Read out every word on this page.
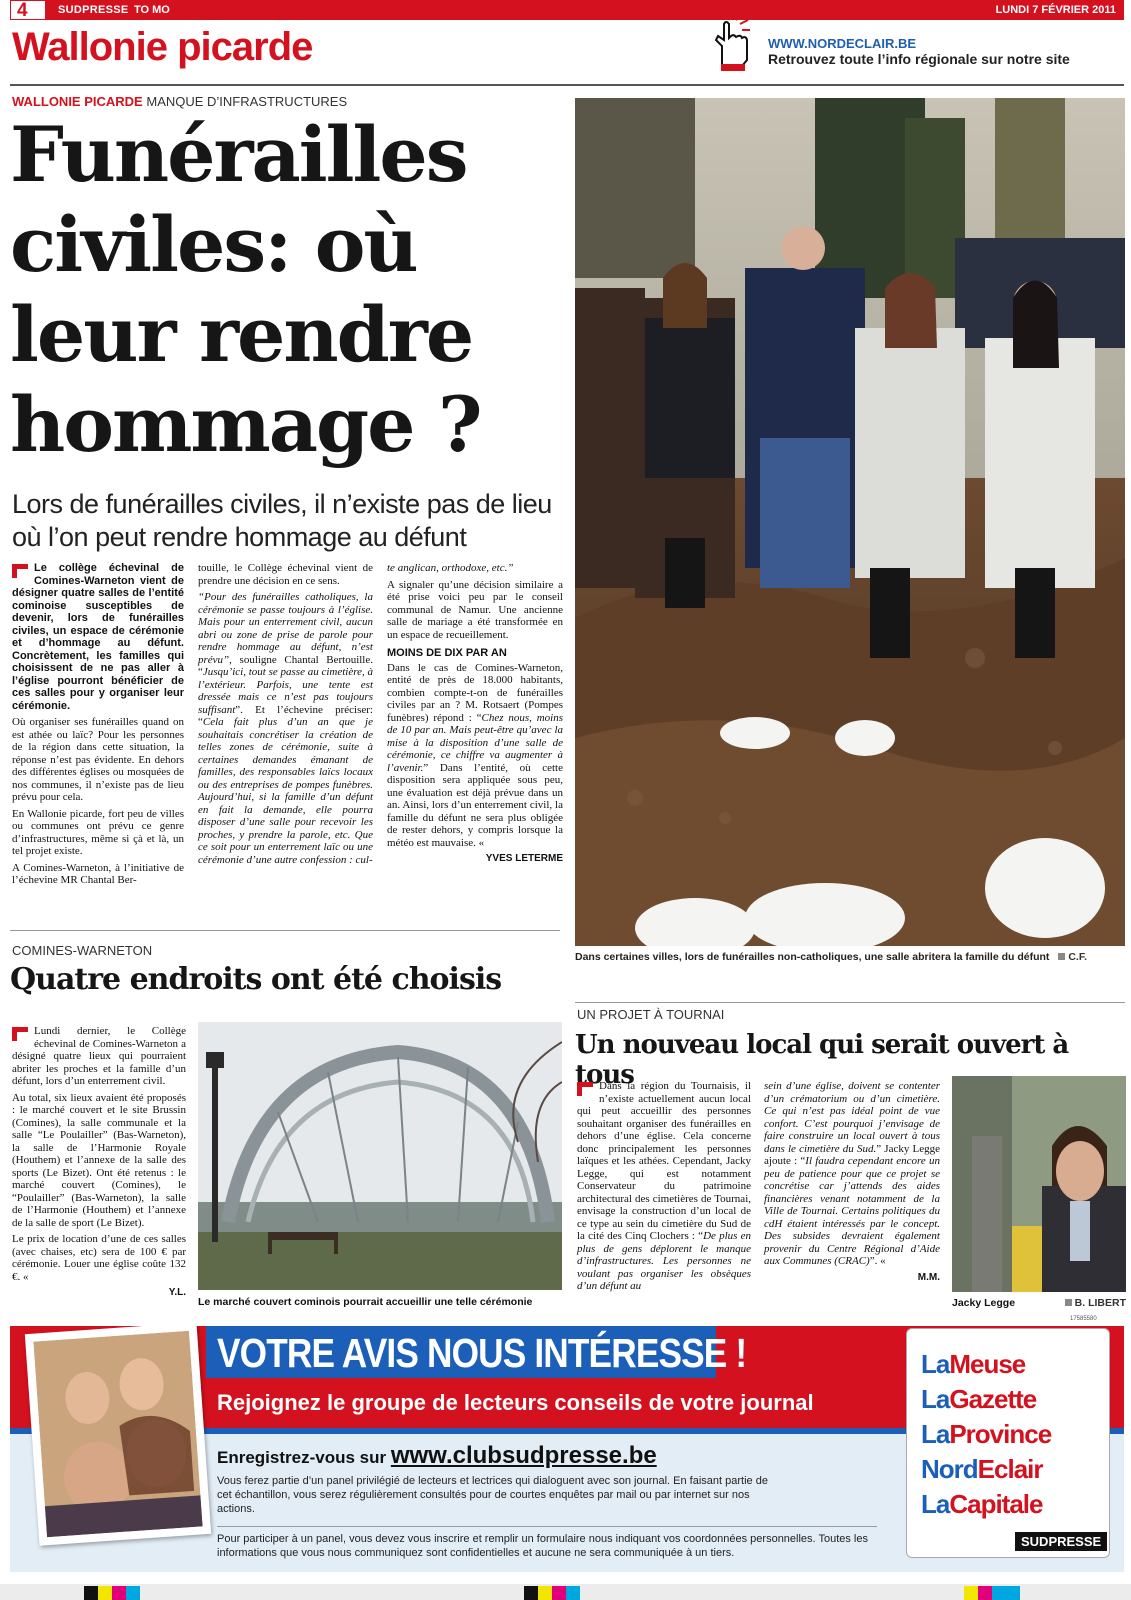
4	SUDPRESSE TO MO	LUNDI 7 FÉVRIER 2011
Wallonie picarde	WWW.NORDECLAIR.BE
Retrouvez toute l’info régionale sur notre site
WALLONIE PICARDE MANQUE D’INFRASTRUCTURES
Funérailles civiles: où leur rendre hommage ?
Lors de funérailles civiles, il n’existe pas de lieu où l’on peut rendre hommage au défunt

Le collège échevinal de Comines-Warneton vient de désigner quatre salles de l’entité cominoise susceptibles de devenir, lors de funérailles civiles, un espace de cérémonie et d’hommage au défunt. Concrètement, les familles qui choisissent de ne pas aller à l’église pourront bénéficier de ces salles pour y organiser leur cérémonie.

Où organiser ses funérailles quand on est athée ou laïc? Pour les personnes de la région dans cette situation, la réponse n’est pas évidente. En dehors des différentes églises ou mosquées de nos communes, il n’existe pas de lieu prévu pour cela.

En Wallonie picarde, fort peu de villes ou communes ont prévu ce genre d’infrastructures, même si çà et là, un tel projet existe.

A Comines-Warneton, à l’initiative de l’échevine MR Chantal Ber-

touille, le Collège échevinal vient de prendre une décision en ce sens.

“Pour des funérailles catholiques, la cérémonie se passe toujours à l’église. Mais pour un enterrement civil, aucun abri ou zone de prise de parole pour rendre hommage au défunt, n’est prévu”, souligne Chantal Bertouille. “Jusqu’ici, tout se passe au cimetière, à l’extérieur. Parfois, une tente est dressée mais ce n’est pas toujours suffisant”. Et l’échevine préciser: “Cela fait plus d’un an que je souhaitais concrétiser la création de telles zones de cérémonie, suite à certaines demandes émanant de familles, des responsables laïcs locaux ou des entreprises de pompes funèbres. Aujourd’hui, si la famille d’un défunt en fait la demande, elle pourra disposer d’une salle pour recevoir les proches, y prendre la parole, etc. Que ce soit pour un enterrement laïc ou une cérémonie d’une autre confession : cul-

te anglican, orthodoxe, etc.”

A signaler qu’une décision similaire a été prise voici peu par le conseil communal de Namur. Une ancienne salle de mariage a été transformée en un espace de recueillement.

MOINS DE DIX PAR AN

Dans le cas de Comines-Warneton, entité de près de 18.000 habitants, combien compte-t-on de funérailles civiles par an ? M. Rotsaert (Pompes funèbres) répond : “Chez nous, moins de 10 par an. Mais peut-être qu’avec la mise à la disposition d’une salle de cérémonie, ce chiffre va augmenter à l’avenir.” Dans l’entité, où cette disposition sera appliquée sous peu, une évaluation est déjà prévue dans un an. Ainsi, lors d’un enterrement civil, la famille du défunt ne sera plus obligée de rester dehors, y compris lorsque la météo est mauvaise. «

YVES LETERME
Dans certaines villes, lors de funérailles non-catholiques, une salle abritera la famille du défunt C.F.
COMINES-WARNETON
Quatre endroits ont été choisis

Lundi dernier, le Collège échevinal de Comines-Warneton a désigné quatre lieux qui pourraient abriter les proches et la famille d’un défunt, lors d’un enterrement civil.

Au total, six lieux avaient été proposés : le marché couvert et le site Brussin (Comines), la salle communale et la salle “Le Poulailler” (Bas-Warneton), la salle de l’Harmonie Royale (Houthem) et l’annexe de la salle des sports (Le Bizet). Ont été retenus : le marché couvert (Comines), le “Poulailler” (Bas-Warneton), la salle de l’Harmonie (Houthem) et l’annexe de la salle de sport (Le Bizet).

Le prix de location d’une de ces salles (avec chaises, etc) sera de 100 € par cérémonie. Louer une église coûte 132 €. «

Y.L.
Le marché couvert cominois pourrait accueillir une telle cérémonie
UN PROJET À TOURNAI
Un nouveau local qui serait ouvert à tous

Dans la région du Tournaisis, il n’existe actuellement aucun local qui peut accueillir des personnes souhaitant organiser des funérailles en dehors d’une église. Cela concerne donc principalement les personnes laïques et les athées. Cependant, Jacky Legge, qui est notamment Conservateur du patrimoine architectural des cimetières de Tournai, envisage la construction d’un local de ce type au sein du cimetière du Sud de la cité des Cinq Clochers : “De plus en plus de gens déplorent le manque d’infrastructures. Les personnes ne voulant pas organiser les obsèques d’un défunt au

sein d’une église, doivent se contenter d’un crématorium ou d’un cimetière. Ce qui n’est pas idéal point de vue confort. C’est pourquoi j’envisage de faire construire un local ouvert à tous dans le cimetière du Sud.” Jacky Legge ajoute : “Il faudra cependant encore un peu de patience pour que ce projet se concrétise car j’attends des aides financières venant notamment de la Ville de Tournai. Certains politiques du cdH étaient intéressés par le concept. Des subsides devraient également provenir du Centre Régional d’Aide aux Communes (CRAC)”. «

M.M.
Jacky Legge	B. LIBERT
17585580
VOTRE AVIS NOUS INTÉRESSE !
Rejoignez le groupe de lecteurs conseils de votre journal
Enregistrez-vous sur www.clubsudpresse.be
Vous ferez partie d’un panel privilégié de lecteurs et lectrices qui dialoguent avec son journal. En faisant partie de cet échantillon, vous serez régulièrement consultés pour de courtes enquêtes par mail ou par internet sur nos actions.
Pour participer à un panel, vous devez vous inscrire et remplir un formulaire nous indiquant vos coordonnées personnelles. Toutes les informations que vous nous communiquez sont confidentielles et aucune ne sera communiquée à un tiers.
LaMeuse
LaGazette
LaProvince
NordEclair
LaCapitale
SUDPRESSE
